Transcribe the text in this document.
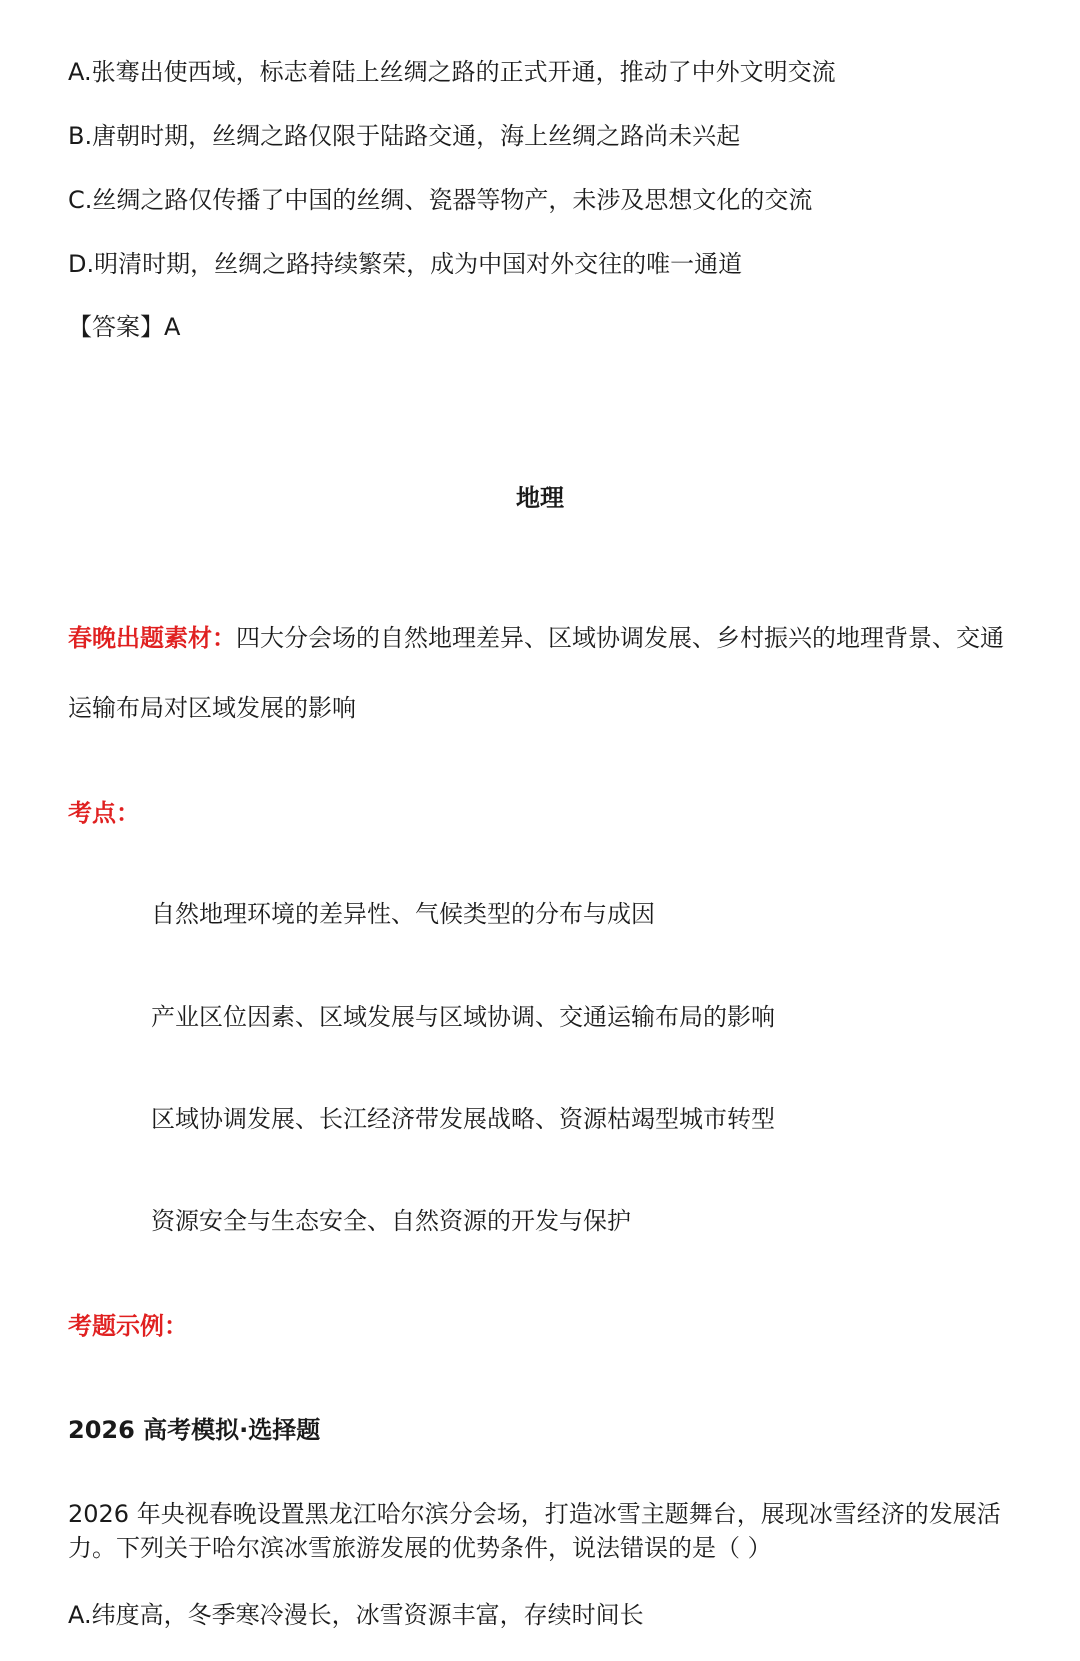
A.张骞出使西域，标志着陆上丝绸之路的正式开通，推动了中外文明交流
B.唐朝时期，丝绸之路仅限于陆路交通，海上丝绸之路尚未兴起
C.丝绸之路仅传播了中国的丝绸、瓷器等物产，未涉及思想文化的交流
D.明清时期，丝绸之路持续繁荣，成为中国对外交往的唯一通道
【答案】A
地理
春晚出题素材：四大分会场的自然地理差异、区域协调发展、乡村振兴的地理背景、交通运输布局对区域发展的影响
考点：
自然地理环境的差异性、气候类型的分布与成因
产业区位因素、区域发展与区域协调、交通运输布局的影响
区域协调发展、长江经济带发展战略、资源枯竭型城市转型
资源安全与生态安全、自然资源的开发与保护
考题示例：
2026 高考模拟·选择题
2026 年央视春晚设置黑龙江哈尔滨分会场，打造冰雪主题舞台，展现冰雪经济的发展活力。下列关于哈尔滨冰雪旅游发展的优势条件，说法错误的是（ ）
A.纬度高，冬季寒冷漫长，冰雪资源丰富，存续时间长
